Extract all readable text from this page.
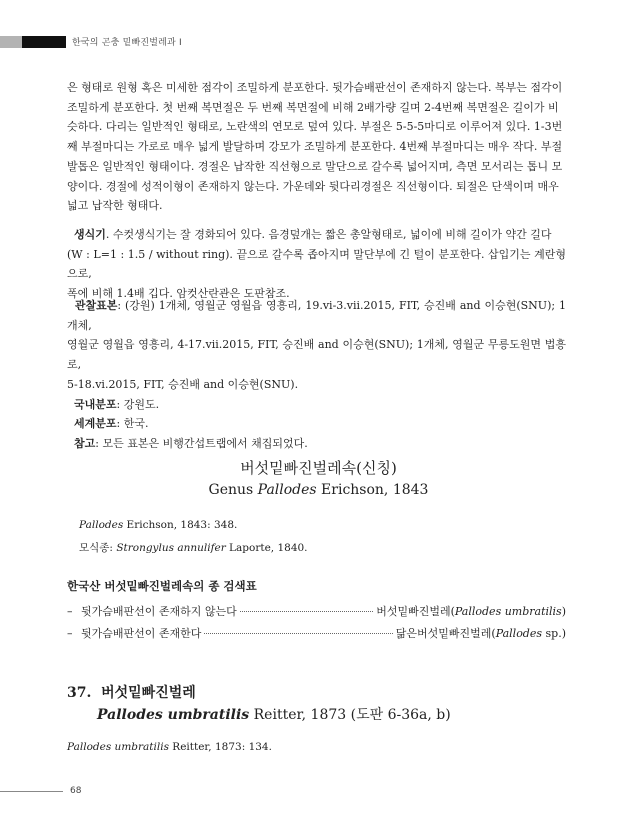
한국의 곤충 밑빠진벌레과 I
은 형태로 원형 혹은 미세한 점각이 조밀하게 분포한다. 뒷가슴배판선이 존재하지 않는다. 복부는 점각이
조밀하게 분포한다. 첫 번째 복면절은 두 번째 복면절에 비해 2배가량 길며 2-4번째 복면절은 길이가 비
슷하다. 다리는 일반적인 형태로, 노란색의 연모로 덮여 있다. 부절은 5-5-5마디로 이루어져 있다. 1-3번
째 부절마디는 가로로 매우 넓게 발달하며 강모가 조밀하게 분포한다. 4번째 부절마디는 매우 작다. 부절
발톱은 일반적인 형태이다. 경절은 납작한 직선형으로 말단으로 갈수록 넓어지며, 측면 모서리는 톱니 모
양이다. 경절에 성적이형이 존재하지 않는다. 가운데와 뒷다리경절은 직선형이다. 퇴절은 단색이며 매우
넓고 납작한 형태다.
생식기. 수컷생식기는 잘 경화되어 있다. 음경덮개는 짧은 총알형태로, 넓이에 비해 길이가 약간 길다
(W : L=1 : 1.5 / without ring). 끝으로 갈수록 좁아지며 말단부에 긴 털이 분포한다. 삽입기는 계란형으로,
폭에 비해 1.4배 깁다. 암컷산란관은 도판참조.
관찰표본: (강원) 1개체, 영월군 영월읍 영흥리, 19.vi-3.vii.2015, FIT, 승진배 and 이승현(SNU); 1개체,
영월군 영월읍 영흥리, 4-17.vii.2015, FIT, 승진배 and 이승현(SNU); 1개체, 영월군 무릉도원면 법흥로,
5-18.vi.2015, FIT, 승진배 and 이승현(SNU).
국내분포: 강원도.
세계분포: 한국.
참고: 모든 표본은 비행간섭트랩에서 채집되었다.
버섯밑빠진벌레속(신칭)
Genus Pallodes Erichson, 1843
Pallodes Erichson, 1843: 348.
모식종: Strongylus annulifer Laporte, 1840.
한국산 버섯밑빠진벌레속의 종 검색표
– 뒷가슴배판선이 존재하지 않는다	버섯밑빠진벌레(Pallodes umbratilis)
– 뒷가슴배판선이 존재한다	닮은버섯밑빠진벌레(Pallodes sp.)
37. 버섯밑빠진벌레
Pallodes umbratilis Reitter, 1873 (도판 6-36a, b)
Pallodes umbratilis Reitter, 1873: 134.
68
